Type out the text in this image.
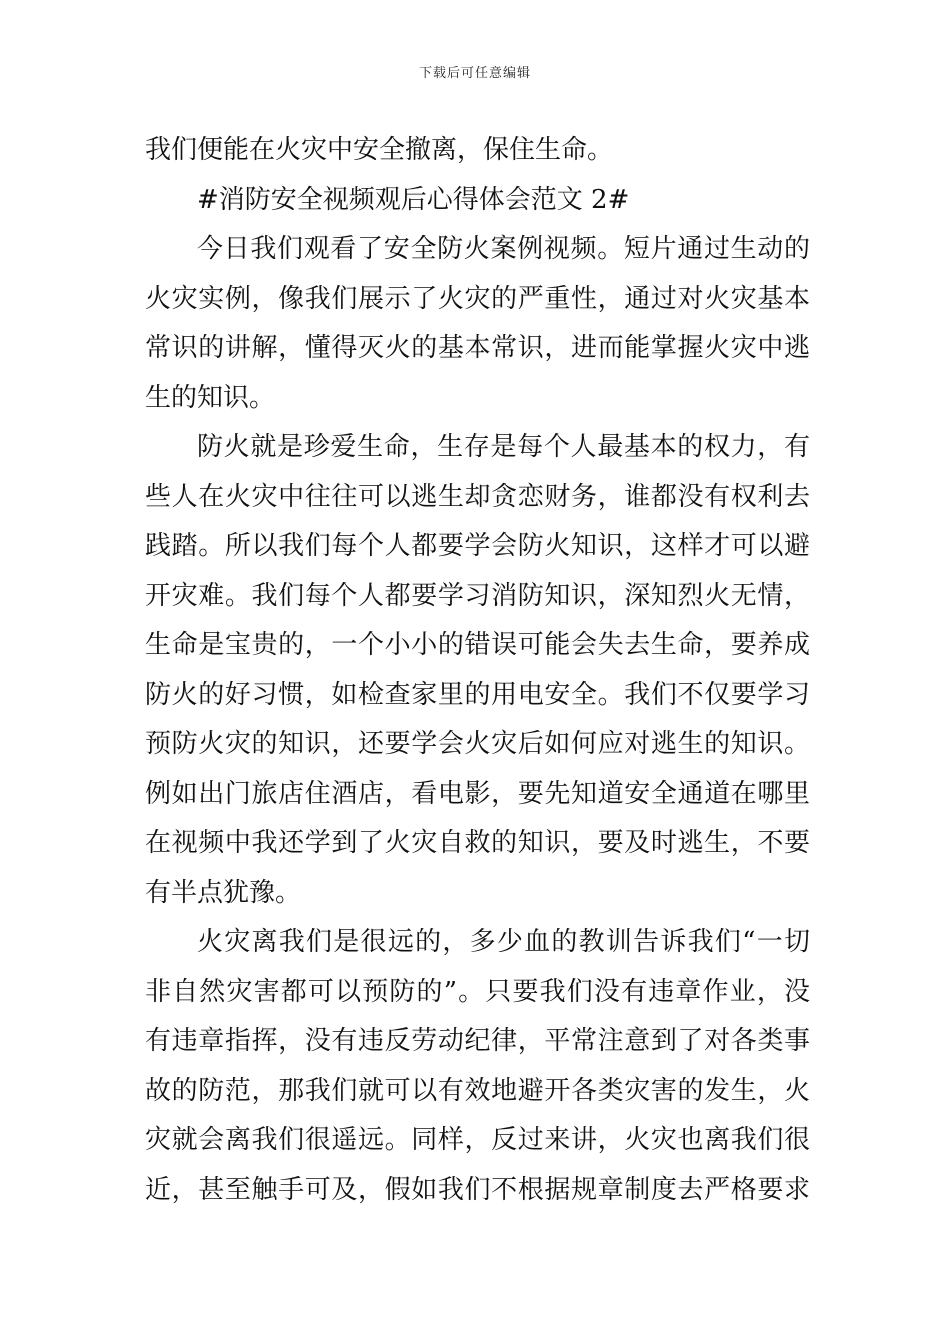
下载后可任意编辑
我们便能在火灾中安全撤离，保住生命。
#消防安全视频观后心得体会范文 2#
今日我们观看了安全防火案例视频。短片通过生动的
火灾实例，像我们展示了火灾的严重性，通过对火灾基本
常识的讲解，懂得灭火的基本常识，进而能掌握火灾中逃
生的知识。
防火就是珍爱生命，生存是每个人最基本的权力，有
些人在火灾中往往可以逃生却贪恋财务，谁都没有权利去
践踏。所以我们每个人都要学会防火知识，这样才可以避
开灾难。我们每个人都要学习消防知识，深知烈火无情，
生命是宝贵的，一个小小的错误可能会失去生命，要养成
防火的好习惯，如检查家里的用电安全。我们不仅要学习
预防火灾的知识，还要学会火灾后如何应对逃生的知识。
例如出门旅店住酒店，看电影，要先知道安全通道在哪里
在视频中我还学到了火灾自救的知识，要及时逃生，不要
有半点犹豫。
火灾离我们是很远的，多少血的教训告诉我们“一切
非自然灾害都可以预防的”。只要我们没有违章作业，没
有违章指挥，没有违反劳动纪律，平常注意到了对各类事
故的防范，那我们就可以有效地避开各类灾害的发生，火
灾就会离我们很遥远。同样，反过来讲，火灾也离我们很
近，甚至触手可及，假如我们不根据规章制度去严格要求
